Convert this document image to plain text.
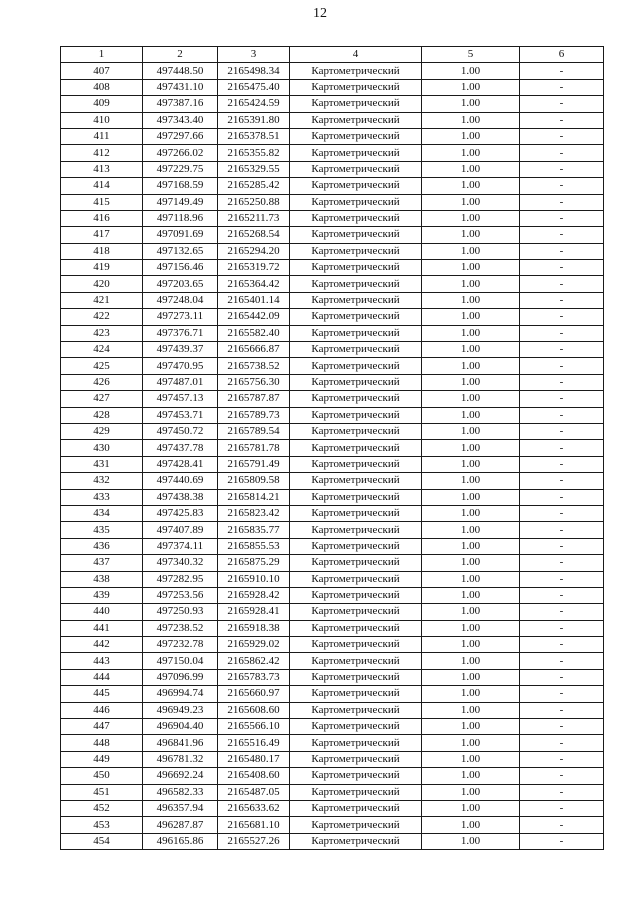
12
1	2	3	4	5	6
407	497448.50	2165498.34	Картометрический	1.00	-
408	497431.10	2165475.40	Картометрический	1.00	-
409	497387.16	2165424.59	Картометрический	1.00	-
410	497343.40	2165391.80	Картометрический	1.00	-
411	497297.66	2165378.51	Картометрический	1.00	-
412	497266.02	2165355.82	Картометрический	1.00	-
413	497229.75	2165329.55	Картометрический	1.00	-
414	497168.59	2165285.42	Картометрический	1.00	-
415	497149.49	2165250.88	Картометрический	1.00	-
416	497118.96	2165211.73	Картометрический	1.00	-
417	497091.69	2165268.54	Картометрический	1.00	-
418	497132.65	2165294.20	Картометрический	1.00	-
419	497156.46	2165319.72	Картометрический	1.00	-
420	497203.65	2165364.42	Картометрический	1.00	-
421	497248.04	2165401.14	Картометрический	1.00	-
422	497273.11	2165442.09	Картометрический	1.00	-
423	497376.71	2165582.40	Картометрический	1.00	-
424	497439.37	2165666.87	Картометрический	1.00	-
425	497470.95	2165738.52	Картометрический	1.00	-
426	497487.01	2165756.30	Картометрический	1.00	-
427	497457.13	2165787.87	Картометрический	1.00	-
428	497453.71	2165789.73	Картометрический	1.00	-
429	497450.72	2165789.54	Картометрический	1.00	-
430	497437.78	2165781.78	Картометрический	1.00	-
431	497428.41	2165791.49	Картометрический	1.00	-
432	497440.69	2165809.58	Картометрический	1.00	-
433	497438.38	2165814.21	Картометрический	1.00	-
434	497425.83	2165823.42	Картометрический	1.00	-
435	497407.89	2165835.77	Картометрический	1.00	-
436	497374.11	2165855.53	Картометрический	1.00	-
437	497340.32	2165875.29	Картометрический	1.00	-
438	497282.95	2165910.10	Картометрический	1.00	-
439	497253.56	2165928.42	Картометрический	1.00	-
440	497250.93	2165928.41	Картометрический	1.00	-
441	497238.52	2165918.38	Картометрический	1.00	-
442	497232.78	2165929.02	Картометрический	1.00	-
443	497150.04	2165862.42	Картометрический	1.00	-
444	497096.99	2165783.73	Картометрический	1.00	-
445	496994.74	2165660.97	Картометрический	1.00	-
446	496949.23	2165608.60	Картометрический	1.00	-
447	496904.40	2165566.10	Картометрический	1.00	-
448	496841.96	2165516.49	Картометрический	1.00	-
449	496781.32	2165480.17	Картометрический	1.00	-
450	496692.24	2165408.60	Картометрический	1.00	-
451	496582.33	2165487.05	Картометрический	1.00	-
452	496357.94	2165633.62	Картометрический	1.00	-
453	496287.87	2165681.10	Картометрический	1.00	-
454	496165.86	2165527.26	Картометрический	1.00	-
